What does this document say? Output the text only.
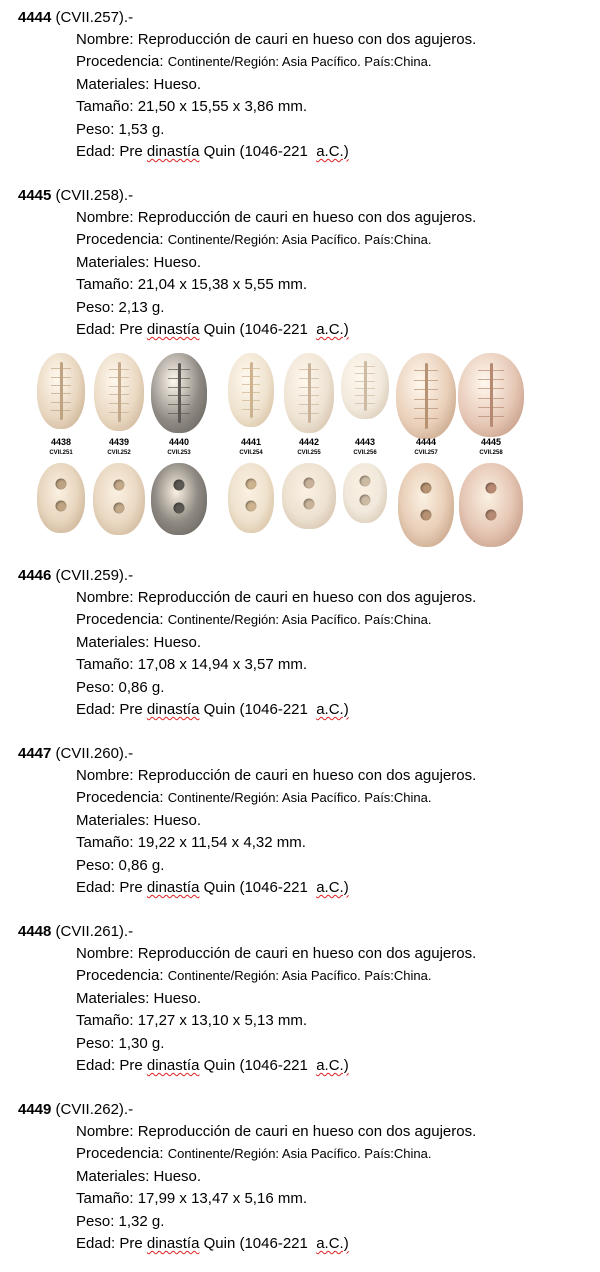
4444 (CVII.257).-
Nombre: Reproducción de cauri en hueso con dos agujeros.
Procedencia: Continente/Región: Asia Pacífico. País:China.
Materiales: Hueso.
Tamaño: 21,50 x 15,55 x 3,86 mm.
Peso: 1,53 g.
Edad: Pre dinastía Quin (1046-221 a.C.)
4445 (CVII.258).-
Nombre: Reproducción de cauri en hueso con dos agujeros.
Procedencia: Continente/Región: Asia Pacífico. País:China.
Materiales: Hueso.
Tamaño: 21,04 x 15,38 x 5,55 mm.
Peso: 2,13 g.
Edad: Pre dinastía Quin (1046-221 a.C.)
4438
CVII.251
4439
CVII.252
4440
CVII.253
4441
CVII.254
4442
CVII.255
4443
CVII.256
4444
CVII.257
4445
CVII.258
4446 (CVII.259).-
Nombre: Reproducción de cauri en hueso con dos agujeros.
Procedencia: Continente/Región: Asia Pacífico. País:China.
Materiales: Hueso.
Tamaño: 17,08 x 14,94 x 3,57 mm.
Peso: 0,86 g.
Edad: Pre dinastía Quin (1046-221 a.C.)
4447 (CVII.260).-
Nombre: Reproducción de cauri en hueso con dos agujeros.
Procedencia: Continente/Región: Asia Pacífico. País:China.
Materiales: Hueso.
Tamaño: 19,22 x 11,54 x 4,32 mm.
Peso: 0,86 g.
Edad: Pre dinastía Quin (1046-221 a.C.)
4448 (CVII.261).-
Nombre: Reproducción de cauri en hueso con dos agujeros.
Procedencia: Continente/Región: Asia Pacífico. País:China.
Materiales: Hueso.
Tamaño: 17,27 x 13,10 x 5,13 mm.
Peso: 1,30 g.
Edad: Pre dinastía Quin (1046-221 a.C.)
4449 (CVII.262).-
Nombre: Reproducción de cauri en hueso con dos agujeros.
Procedencia: Continente/Región: Asia Pacífico. País:China.
Materiales: Hueso.
Tamaño: 17,99 x 13,47 x 5,16 mm.
Peso: 1,32 g.
Edad: Pre dinastía Quin (1046-221 a.C.)
